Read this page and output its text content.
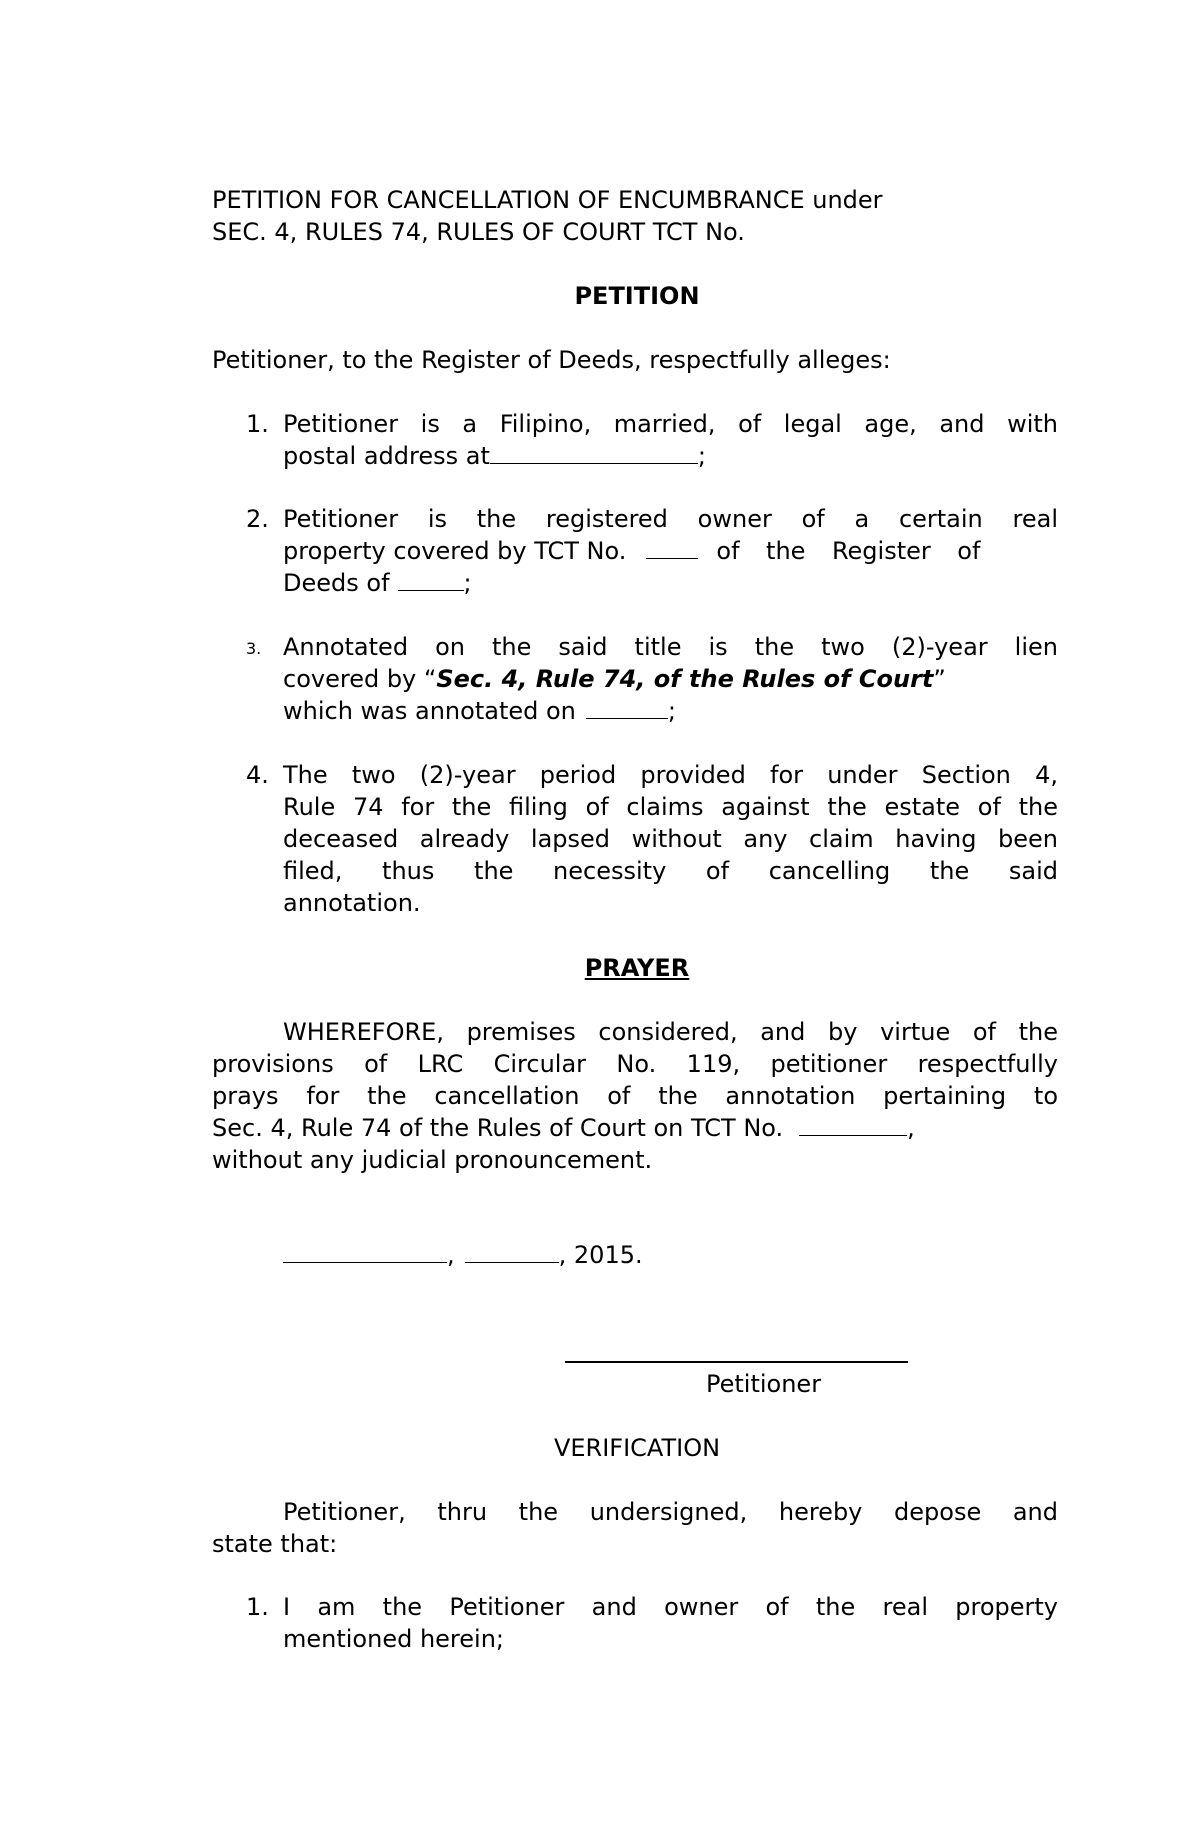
PETITION FOR CANCELLATION OF ENCUMBRANCE under
SEC. 4, RULES 74, RULES OF COURT TCT No.
PETITION
Petitioner, to the Register of Deeds, respectfully alleges:
1. Petitioner is a Filipino, married, of legal age, and with
postal address at	;
2. Petitioner is the registered owner of a certain real
property covered by TCT No.	of the Register of
Deeds of	;
3. Annotated on the said title is the two (2)-year lien
covered by “Sec. 4, Rule 74, of the Rules of Court”
which was annotated on	;
4. The two (2)-year period provided for under Section 4,
Rule 74 for the filing of claims against the estate of the
deceased already lapsed without any claim having been
filed, thus the necessity of cancelling the said
annotation.
PRAYER
WHEREFORE, premises considered, and by virtue of the
provisions of LRC Circular No. 119, petitioner respectfully
prays for the cancellation of the annotation pertaining to
Sec. 4, Rule 74 of the Rules of Court on TCT No.	,
without any judicial pronouncement.
,	, 2015.
Petitioner
VERIFICATION
Petitioner, thru the undersigned, hereby depose and
state that:
1. I am the Petitioner and owner of the real property
mentioned herein;
